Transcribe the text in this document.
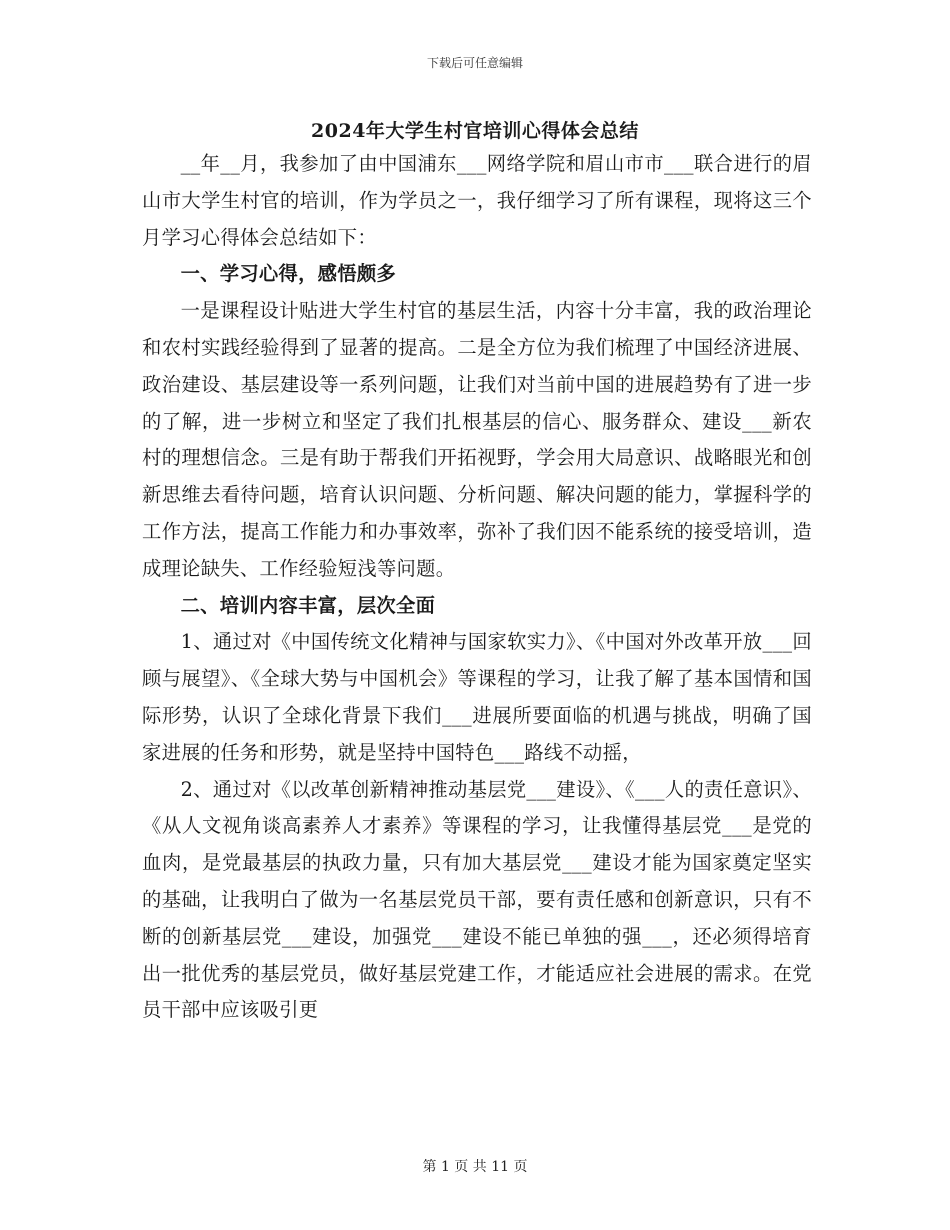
下载后可任意编辑
2024年大学生村官培训心得体会总结

__年__月，我参加了由中国浦东___网络学院和眉山市市___联合进行的眉山市大学生村官的培训，作为学员之一，我仔细学习了所有课程，现将这三个月学习心得体会总结如下：

一、学习心得，感悟颇多

一是课程设计贴进大学生村官的基层生活，内容十分丰富，我的政治理论和农村实践经验得到了显著的提高。二是全方位为我们梳理了中国经济进展、政治建设、基层建设等一系列问题，让我们对当前中国的进展趋势有了进一步的了解，进一步树立和坚定了我们扎根基层的信心、服务群众、建设___新农村的理想信念。三是有助于帮我们开拓视野，学会用大局意识、战略眼光和创新思维去看待问题，培育认识问题、分析问题、解决问题的能力，掌握科学的工作方法，提高工作能力和办事效率，弥补了我们因不能系统的接受培训，造成理论缺失、工作经验短浅等问题。

二、培训内容丰富，层次全面

1、通过对《中国传统文化精神与国家软实力》、《中国对外改革开放___回顾与展望》、《全球大势与中国机会》等课程的学习，让我了解了基本国情和国际形势，认识了全球化背景下我们___进展所要面临的机遇与挑战，明确了国家进展的任务和形势，就是坚持中国特色___路线不动摇，

2、通过对《以改革创新精神推动基层党___建设》、《___人的责任意识》、《从人文视角谈高素养人才素养》等课程的学习，让我懂得基层党___是党的血肉，是党最基层的执政力量，只有加大基层党___建设才能为国家奠定坚实的基础，让我明白了做为一名基层党员干部，要有责任感和创新意识，只有不断的创新基层党___建设，加强党___建设不能已单独的强___，还必须得培育出一批优秀的基层党员，做好基层党建工作，才能适应社会进展的需求。在党员干部中应该吸引更

第 1 页 共 11 页
